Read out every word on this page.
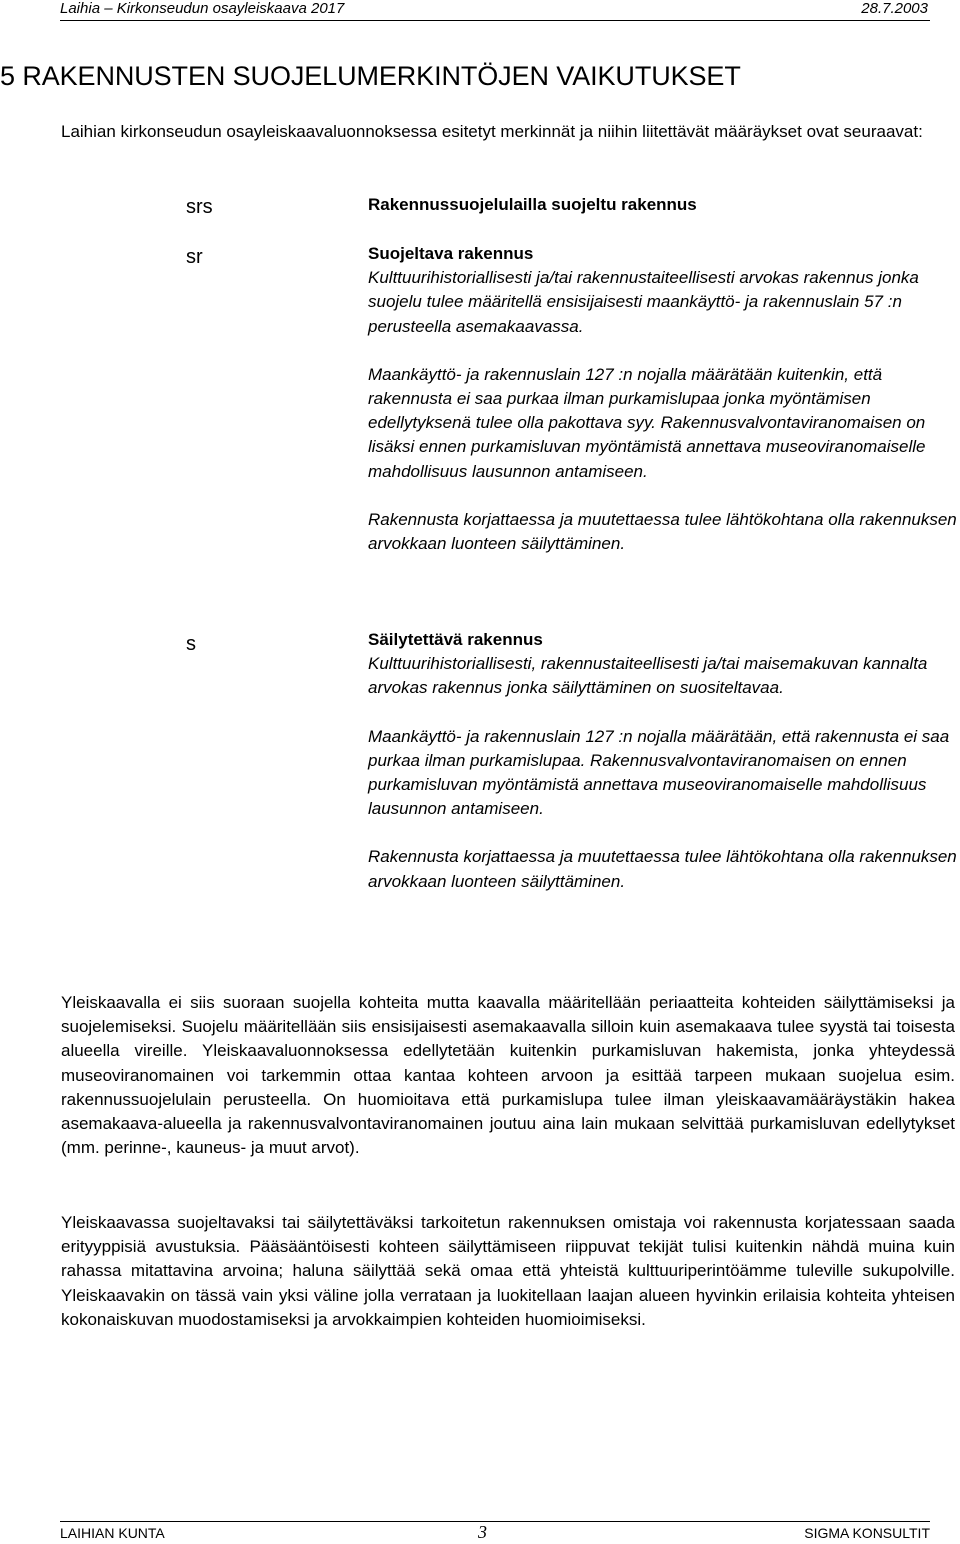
Laihia – Kirkonseudun osayleiskaava 2017	28.7.2003
5 RAKENNUSTEN SUOJELUMERKINTÖJEN VAIKUTUKSET

Laihian kirkonseudun osayleiskaavaluonnoksessa esitetyt merkinnät ja niihin liitettävät määräykset ovat seuraavat:

srs	Rakennussuojelulailla suojeltu rakennus
sr	Suojeltava rakennus
Kulttuurihistoriallisesti ja/tai rakennustaiteellisesti arvokas rakennus jonka suojelu tulee määritellä ensisijaisesti maankäyttö- ja rakennuslain 57 :n perusteella asemakaavassa.
Maankäyttö- ja rakennuslain 127 :n nojalla määrätään kuitenkin, että rakennusta ei saa purkaa ilman purkamislupaa jonka myöntämisen edellytyksenä tulee olla pakottava syy. Rakennusvalvontaviranomaisen on lisäksi ennen purkamisluvan myöntämistä annettava museoviranomaiselle mahdollisuus lausunnon antamiseen.
Rakennusta korjattaessa ja muutettaessa tulee lähtökohtana olla rakennuksen arvokkaan luonteen säilyttäminen.
s	Säilytettävä rakennus
Kulttuurihistoriallisesti, rakennustaiteellisesti ja/tai maisemakuvan kannalta arvokas rakennus jonka säilyttäminen on suositeltavaa.
Maankäyttö- ja rakennuslain 127 :n nojalla määrätään, että rakennusta ei saa purkaa ilman purkamislupaa. Rakennusvalvontaviranomaisen on ennen purkamisluvan myöntämistä annettava museoviranomaiselle mahdollisuus lausunnon antamiseen.
Rakennusta korjattaessa ja muutettaessa tulee lähtökohtana olla rakennuksen arvokkaan luonteen säilyttäminen.

Yleiskaavalla ei siis suoraan suojella kohteita mutta kaavalla määritellään periaatteita kohteiden säilyttämiseksi ja suojelemiseksi. Suojelu määritellään siis ensisijaisesti asemakaavalla silloin kuin asemakaava tulee syystä tai toisesta alueella vireille. Yleiskaavaluonnoksessa edellytetään kuitenkin purkamisluvan hakemista, jonka yhteydessä museoviranomainen voi tarkemmin ottaa kantaa kohteen arvoon ja esittää tarpeen mukaan suojelua esim. rakennussuojelulain perusteella. On huomioitava että purkamislupa tulee ilman yleiskaavamääräystäkin hakea asemakaava-alueella ja rakennusvalvontaviranomainen joutuu aina lain mukaan selvittää purkamisluvan edellytykset (mm. perinne-, kauneus- ja muut arvot).

Yleiskaavassa suojeltavaksi tai säilytettäväksi tarkoitetun rakennuksen omistaja voi rakennusta korjatessaan saada erityyppisiä avustuksia. Pääsääntöisesti kohteen säilyttämiseen riippuvat tekijät tulisi kuitenkin nähdä muina kuin rahassa mitattavina arvoina; haluna säilyttää sekä omaa että yhteistä kulttuuriperintöämme tuleville sukupolville. Yleiskaavakin on tässä vain yksi väline jolla verrataan ja luokitellaan laajan alueen hyvinkin erilaisia kohteita yhteisen kokonaiskuvan muodostamiseksi ja arvokkaimpien kohteiden huomioimiseksi.

LAIHIAN KUNTA	3	SIGMA KONSULTIT
